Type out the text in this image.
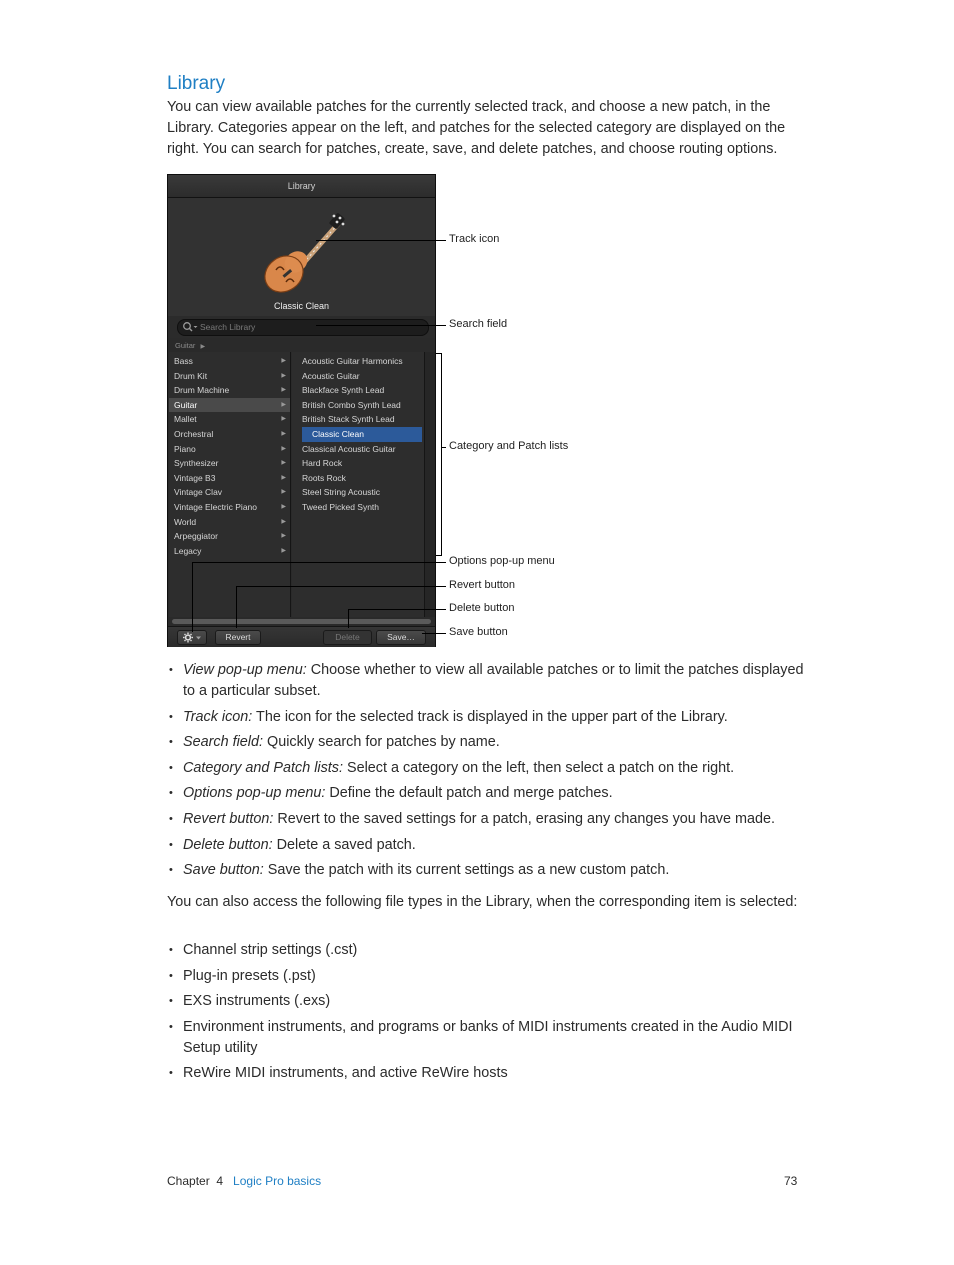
Library

You can view available patches for the currently selected track, and choose a new patch, in the Library. Categories appear on the left, and patches for the selected category are displayed on the right. You can search for patches, create, save, and delete patches, and choose routing options.

Library
Classic Clean
Search Library
Guitar ▶
Bass	▶
Drum Kit	▶
Drum Machine	▶
Guitar	▶
Mallet	▶
Orchestral	▶
Piano	▶
Synthesizer	▶
Vintage B3	▶
Vintage Clav	▶
Vintage Electric Piano	▶
World	▶
Arpeggiator	▶
Legacy	▶
Acoustic Guitar Harmonics
Acoustic Guitar
Blackface Synth Lead
British Combo Synth Lead
British Stack Synth Lead
Classic Clean
Classical Acoustic Guitar
Hard Rock
Roots Rock
Steel String Acoustic
Tweed Picked Synth
Revert	Delete	Save…
Track icon
Search field
Category and Patch lists
Options pop-up menu
Revert button
Delete button
Save button
• View pop-up menu: Choose whether to view all available patches or to limit the patches displayed to a particular subset.
• Track icon: The icon for the selected track is displayed in the upper part of the Library.
• Search field: Quickly search for patches by name.
• Category and Patch lists: Select a category on the left, then select a patch on the right.
• Options pop-up menu: Define the default patch and merge patches.
• Revert button: Revert to the saved settings for a patch, erasing any changes you have made.
• Delete button: Delete a saved patch.
• Save button: Save the patch with its current settings as a new custom patch.

You can also access the following file types in the Library, when the corresponding item is selected:

• Channel strip settings (.cst)
• Plug-in presets (.pst)
• EXS instruments (.exs)
• Environment instruments, and programs or banks of MIDI instruments created in the Audio MIDI Setup utility
• ReWire MIDI instruments, and active ReWire hosts
Chapter  4 Logic Pro basics	73
